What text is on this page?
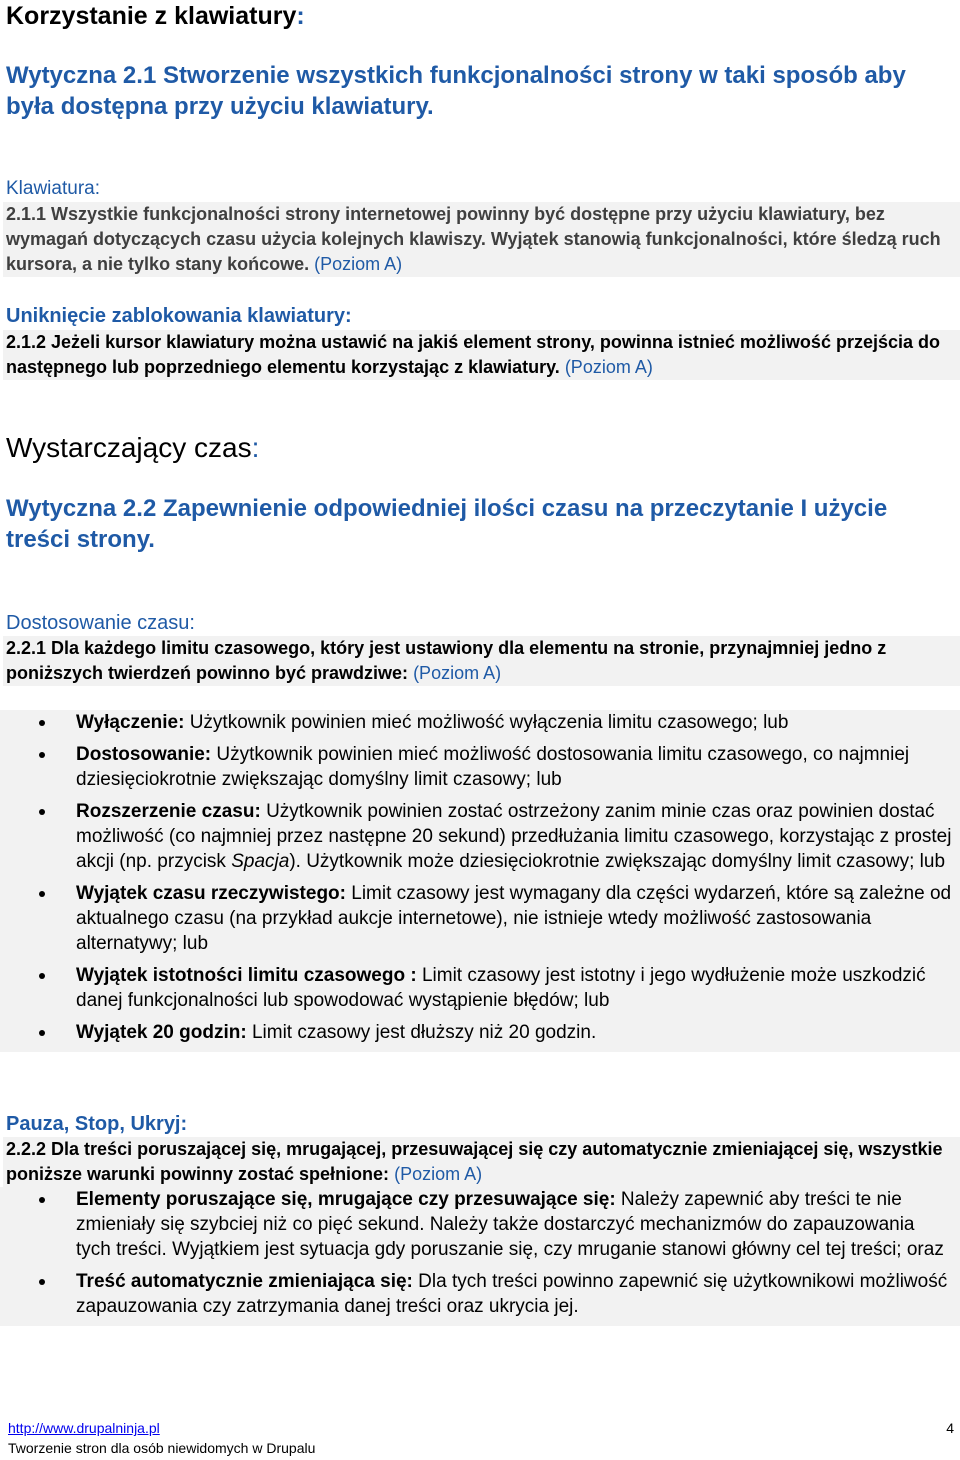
Korzystanie z klawiatury:

Wytyczna 2.1 Stworzenie wszystkich funkcjonalności strony w taki sposób aby była dostępna przy użyciu klawiatury.

Klawiatura:

2.1.1 Wszystkie funkcjonalności strony internetowej powinny być dostępne przy użyciu klawiatury, bez wymagań dotyczących czasu użycia kolejnych klawiszy. Wyjątek stanowią funkcjonalności, które śledzą ruch kursora, a nie tylko stany końcowe. (Poziom A)

Uniknięcie zablokowania klawiatury:

2.1.2 Jeżeli kursor klawiatury można ustawić na jakiś element strony, powinna istnieć możliwość przejścia do następnego lub poprzedniego elementu korzystając z klawiatury. (Poziom A)

Wystarczający czas:

Wytyczna 2.2 Zapewnienie odpowiedniej ilości czasu na przeczytanie I użycie treści strony.

Dostosowanie czasu:

2.2.1 Dla każdego limitu czasowego, który jest ustawiony dla elementu na stronie, przynajmniej jedno z poniższych twierdzeń powinno być prawdziwe: (Poziom A)

Wyłączenie: Użytkownik powinien mieć możliwość wyłączenia limitu czasowego; lub
Dostosowanie: Użytkownik powinien mieć możliwość dostosowania limitu czasowego, co najmniej dziesięciokrotnie zwiększając domyślny limit czasowy; lub
Rozszerzenie czasu: Użytkownik powinien zostać ostrzeżony zanim minie czas oraz powinien dostać możliwość (co najmniej przez następne 20 sekund) przedłużania limitu czasowego, korzystając z prostej akcji (np. przycisk Spacja). Użytkownik może dziesięciokrotnie zwiększając domyślny limit czasowy; lub
Wyjątek czasu rzeczywistego: Limit czasowy jest wymagany dla części wydarzeń, które są zależne od aktualnego czasu (na przykład aukcje internetowe), nie istnieje wtedy możliwość zastosowania alternatywy; lub
Wyjątek istotności limitu czasowego : Limit czasowy jest istotny i jego wydłużenie może uszkodzić danej funkcjonalności lub spowodować wystąpienie błędów; lub
Wyjątek 20 godzin: Limit czasowy jest dłuższy niż 20 godzin.

Pauza, Stop, Ukryj:

2.2.2 Dla treści poruszającej się, mrugającej, przesuwającej się czy automatycznie zmieniającej się, wszystkie poniższe warunki powinny zostać spełnione: (Poziom A)

Elementy poruszające się, mrugające czy przesuwające się: Należy zapewnić aby treści te nie zmieniały się szybciej niż co pięć sekund. Należy także dostarczyć mechanizmów do zapauzowania tych treści. Wyjątkiem jest sytuacja gdy poruszanie się, czy mruganie stanowi główny cel tej treści; oraz
Treść automatycznie zmieniająca się: Dla tych treści powinno zapewnić się użytkownikowi możliwość zapauzowania czy zatrzymania danej treści oraz ukrycia jej.
http://www.drupalninja.pl
Tworzenie stron dla osób niewidomych w Drupalu
4
